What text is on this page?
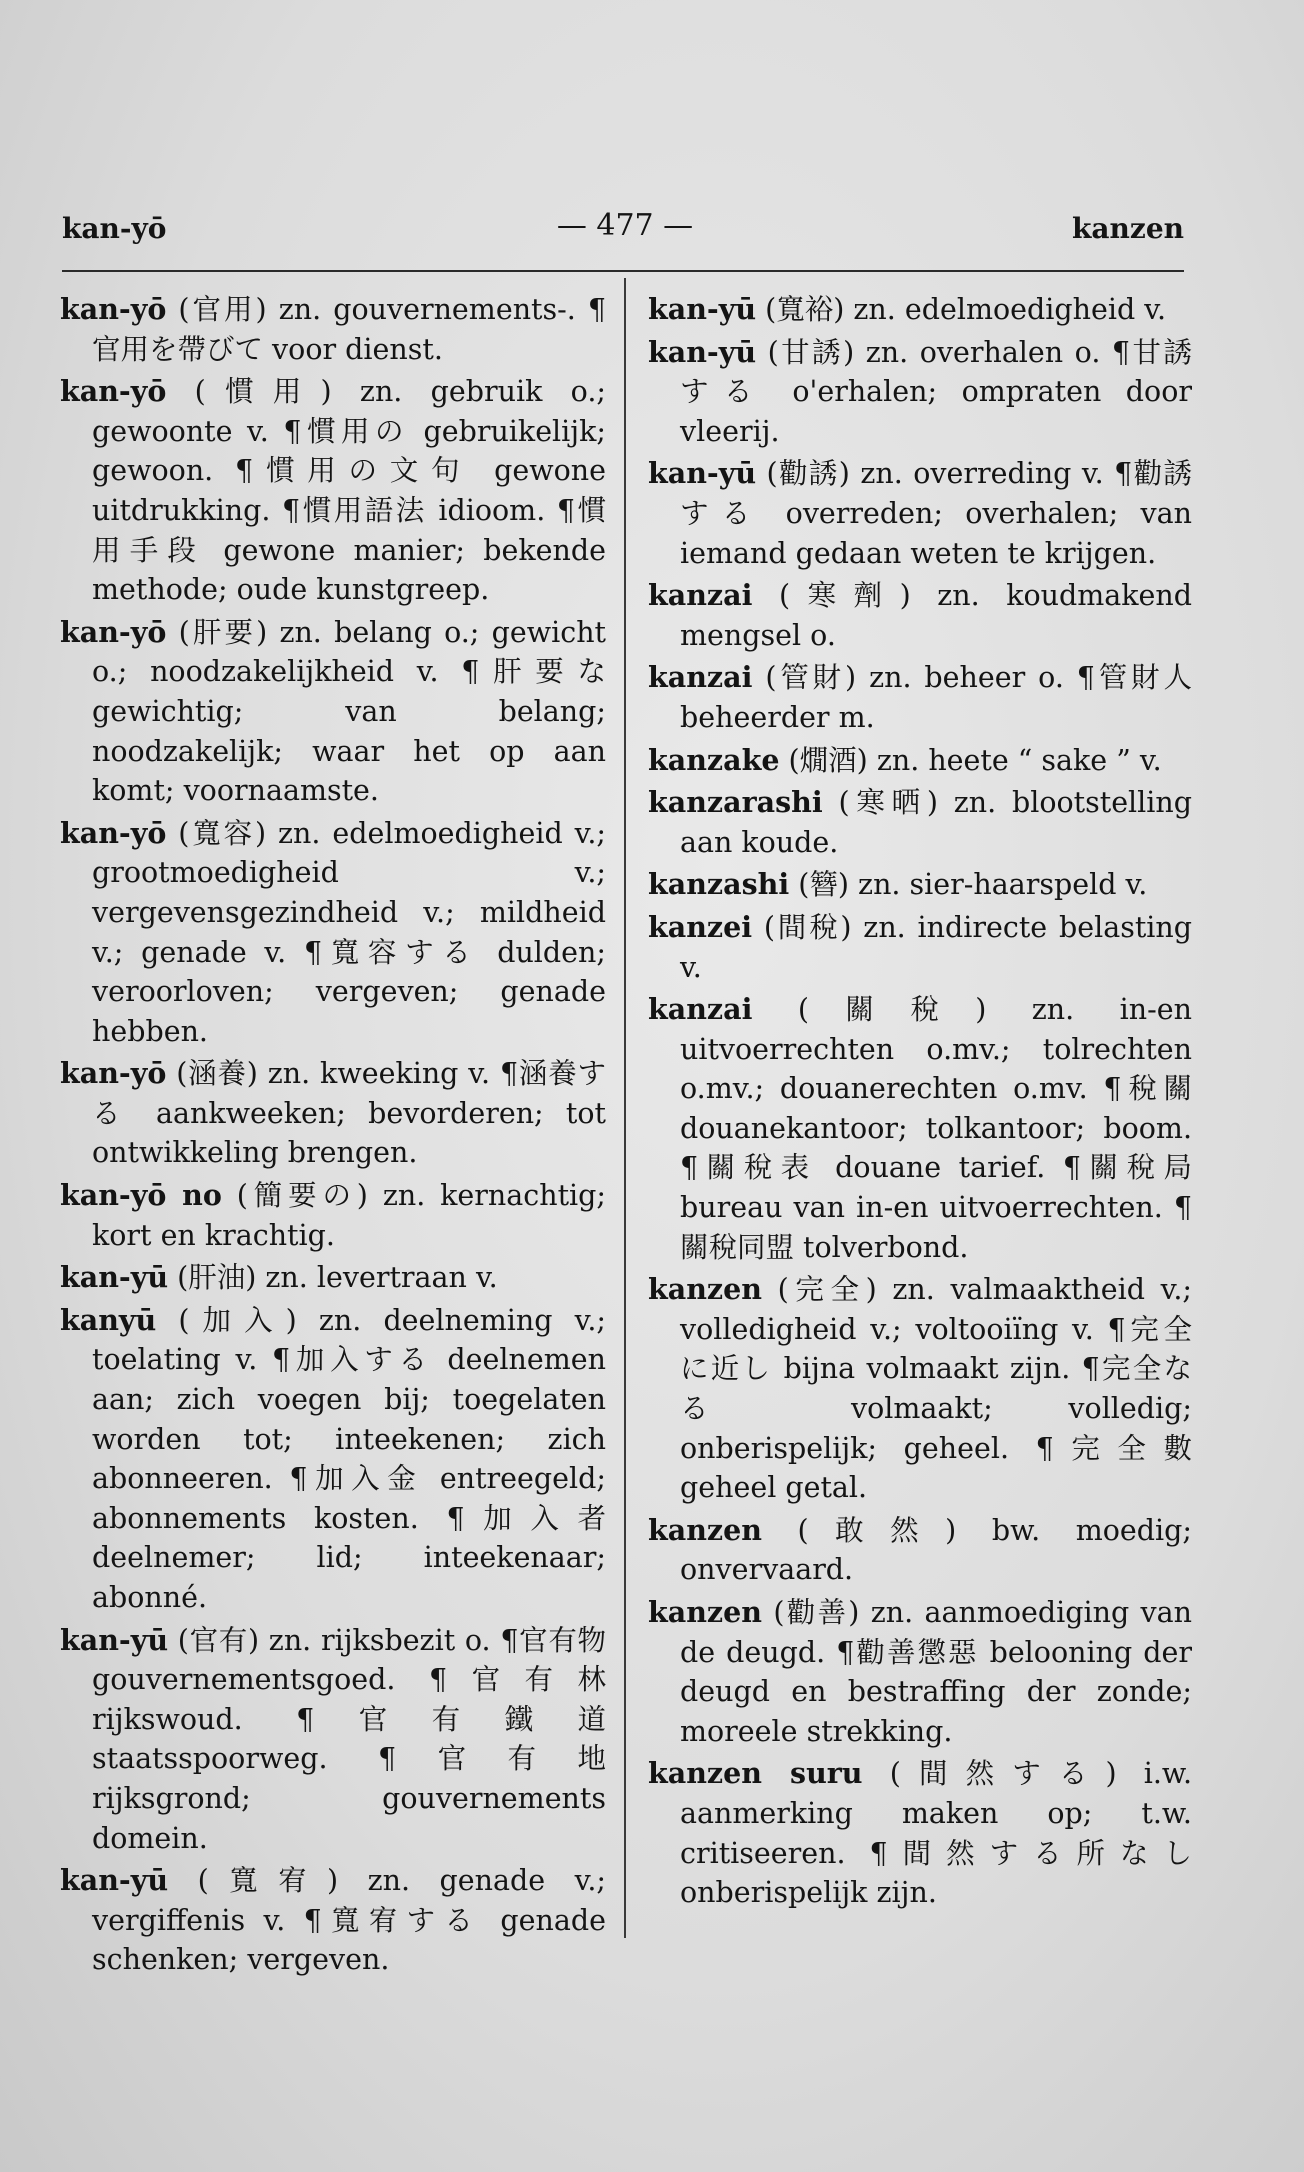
kan-yō	— 477 —	kanzen
kan-yō (官用) zn. gouvernements-. ¶官用を帶びて voor dienst.
kan-yō (慣用) zn. gebruik o.; gewoonte v. ¶慣用の gebruikelijk; gewoon. ¶慣用の文句 gewone uitdrukking. ¶慣用語法 idioom. ¶慣用手段 gewone manier; bekende methode; oude kunstgreep.
kan-yō (肝要) zn. belang o.; gewicht o.; noodzakelijkheid v. ¶肝要な gewichtig; van belang; noodzakelijk; waar het op aan komt; voornaamste.
kan-yō (寬容) zn. edelmoedigheid v.; grootmoedigheid v.; vergevensgezindheid v.; mildheid v.; genade v. ¶寬容する dulden; veroorloven; vergeven; genade hebben.
kan-yō (涵養) zn. kweeking v. ¶涵養する aankweeken; bevorderen; tot ontwikkeling brengen.
kan-yō no (簡要の) zn. kernachtig; kort en krachtig.
kan-yū (肝油) zn. levertraan v.
kanyū (加入) zn. deelneming v.; toelating v. ¶加入する deelnemen aan; zich voegen bij; toegelaten worden tot; inteekenen; zich abonneeren. ¶加入金 entreegeld; abonnements kosten. ¶加入者 deelnemer; lid; inteekenaar; abonné.
kan-yū (官有) zn. rijksbezit o. ¶官有物 gouvernementsgoed. ¶官有林 rijkswoud. ¶官有鐵道 staatsspoorweg. ¶官有地 rijksgrond; gouvernements domein.
kan-yū (寬宥) zn. genade v.; vergiffenis v. ¶寬宥する genade schenken; vergeven.
kan-yū (寬裕) zn. edelmoedigheid v.
kan-yū (甘誘) zn. overhalen o. ¶甘誘する o'erhalen; ompraten door vleerij.
kan-yū (勸誘) zn. overreding v. ¶勸誘する overreden; overhalen; van iemand gedaan weten te krijgen.
kanzai (寒劑) zn. koudmakend mengsel o.
kanzai (管財) zn. beheer o. ¶管財人 beheerder m.
kanzake (燗酒) zn. heete “ sake ” v.
kanzarashi (寒晒) zn. blootstelling aan koude.
kanzashi (簪) zn. sier-haarspeld v.
kanzei (間稅) zn. indirecte belasting v.
kanzai (關稅) zn. in-en uitvoerrechten o.mv.; tolrechten o.mv.; douanerechten o.mv. ¶稅關 douanekantoor; tolkantoor; boom. ¶關稅表 douane tarief. ¶關稅局 bureau van in-en uitvoerrechten. ¶關稅同盟 tolverbond.
kanzen (完全) zn. valmaaktheid v.; volledigheid v.; voltooiïng v. ¶完全に近し bijna volmaakt zijn. ¶完全なる volmaakt; volledig; onberispelijk; geheel. ¶完全數 geheel getal.
kanzen (敢然) bw. moedig; onvervaard.
kanzen (勸善) zn. aanmoediging van de deugd. ¶勸善懲惡 belooning der deugd en bestraffing der zonde; moreele strekking.
kanzen suru (間然する) i.w. aanmerking maken op; t.w. critiseeren. ¶間然する所なし onberispelijk zijn.
